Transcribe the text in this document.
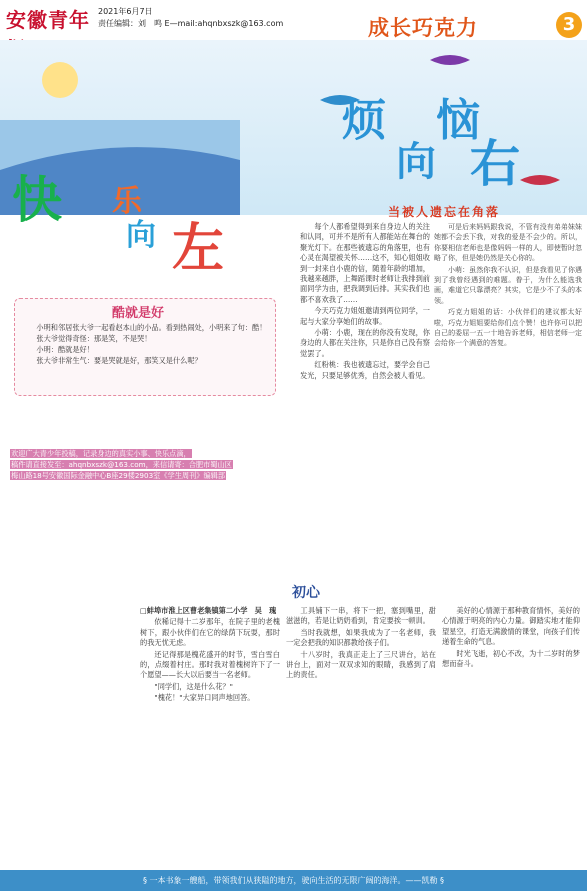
安徽青年	2021年6月7日
责任编辑：刘　鸣 E—mail:ahqnbxszk@163.com	成长巧克力	3
快 乐
向 左
烦 恼
向 右
当被人遗忘在角落
酷就是好

小明和邻居张大爷一起看赵本山的小品。看到热闹处，小明来了句：酷！

张大爷觉得奇怪：那是笑，不是哭！

小明：酷就是好！

张大爷非常生气：要是哭就是好，那笑又是什么呢？

欢迎广大青少年投稿，记录身边的真实小事、快乐点滴，
稿件请直接发至：ahqnbxszk@163.com，来信请寄：合肥市蜀山区
梅山路18号安徽国际金融中心B座29楼2903室《学生周刊》编辑部

每个人都希望得到来自身边人的关注和认同，可并不是所有人都能站在舞台的聚光灯下。在那些被遗忘的角落里，也有心灵在渴望被关怀……这不，知心姐姐收到一封来自小鹿的信，随着年龄的增加，我越来越胖，上舞蹈课时老师让我排到前面同学为由，把我调到后排。其实我们也都不喜欢我了……

今天巧克力姐姐邀请到两位同学，一起与大家分享她们的故事。

小萌：小鹿，现在的你没有发现，你身边的人都在关注你，只是你自己没有察觉罢了。

红粉桃：我也被遗忘过，要学会自己发光，只要足够优秀，自然会被人看见。

可是后来妈妈跟我说，不管有没有弟弟妹妹她都不会丢下我，对我的爱是不会少的。所以，你要相信老师也是像妈妈一样的人，即使暂时忽略了你，但是她仍然是关心你的。

小萌：虽然你我不认识，但是我看见了你遇到了我曾经遇到的难题。眷于，为什么能选我画，难道它只靠漂亮？其实，它是少不了头的本领。

巧克力姐姐的话：小伙伴们的建议都太好啦，巧克力姐姐要给你们点个赞！也许你可以把自己的委屈一五一十地告诉老师，相信老师一定会给你一个满意的答复。

初心

□蚌埠市淮上区曹老集镇第二小学　吴　瑰

依稀记得十二岁那年，在院子里的老槐树下，跟小伙伴们在它的绿荫下玩耍，那时的我无忧无虑。

还记得那是槐花盛开的时节，雪白雪白的，点缀着村庄。那时我对着槐树许下了一个愿望——长大以后要当一名老师。

"同学们，这是什么花？"

"槐花！"大家异口同声地回答。

工具铺下一串，将下一把，塞到嘴里，甜滋滋的，若是让奶奶看到，肯定要挨一顿训。

当时我就想，如果我成为了一名老师，我一定会把我的知识都教给孩子们。

十八岁时，我真正走上了三尺讲台，站在讲台上，面对一双双求知的眼睛，我感到了肩上的责任。

美好的心情源于那种教育情怀，美好的心情源于明亮的内心力量。御踏实地才能仰望星空，打造无满激情的课堂，向孩子们传递着生命的气息。

时光飞逝，初心不改，为十二岁时的梦想而奋斗。

§ 一本书象一艘船，带领我们从狭隘的地方，驶向生活的无限广阔的海洋。——凯勒 §
